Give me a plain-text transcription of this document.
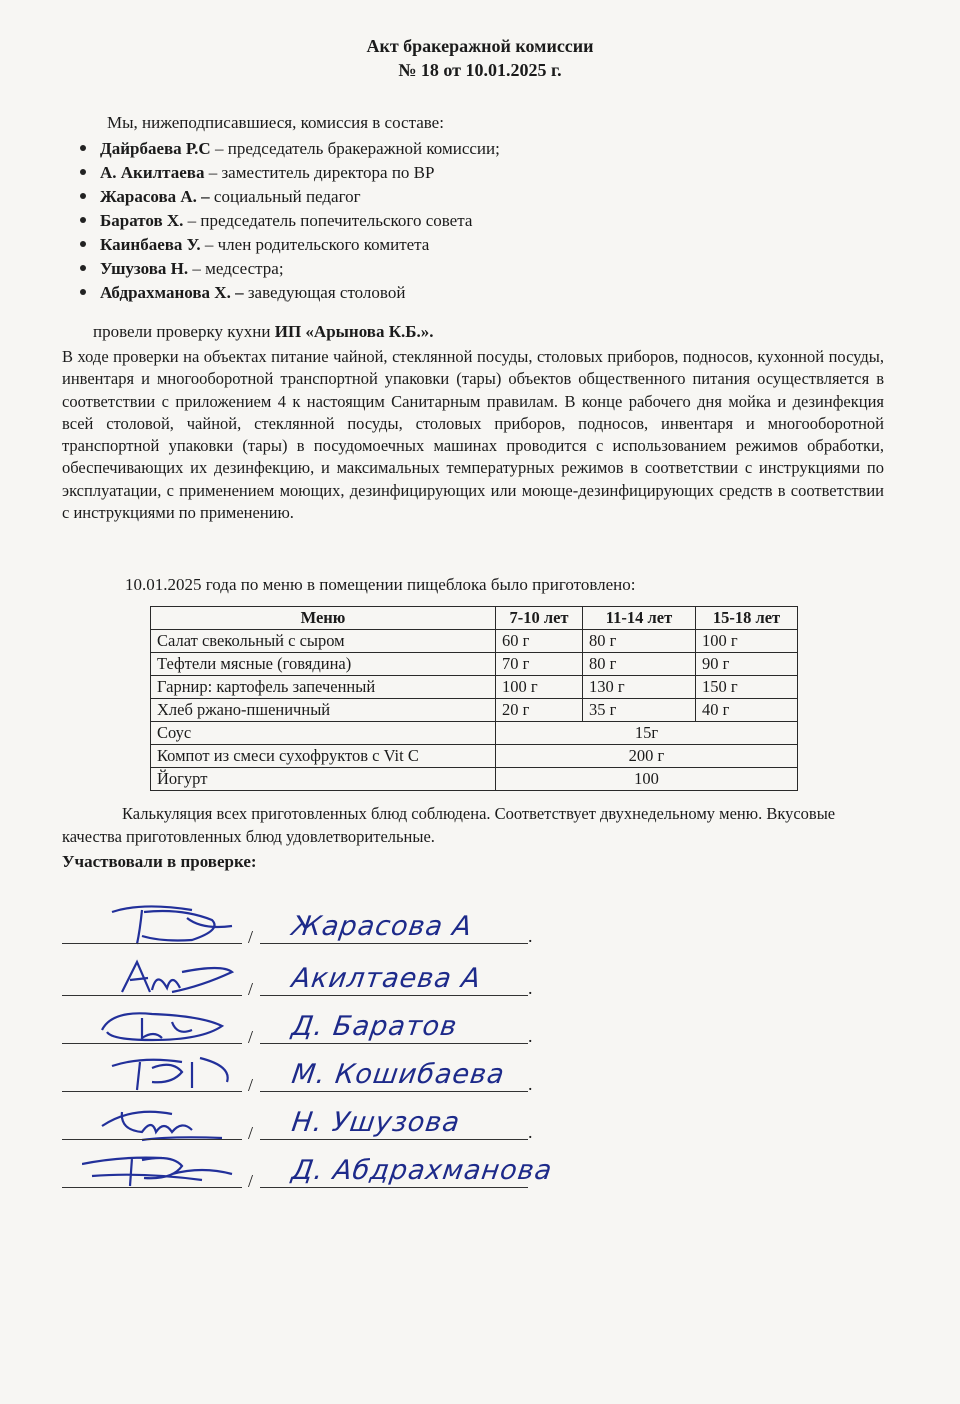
Акт бракеражной комиссии
№ 18 от 10.01.2025 г.
Мы, нижеподписавшиеся, комиссия в составе:
Дайрбаева Р.С – председатель бракеражной комиссии;
А. Акилтаева – заместитель директора по ВР
Жарасова А. – социальный педагог
Баратов Х. – председатель попечительского совета
Каинбаева У. – член родительского комитета
Ушузова Н. – медсестра;
Абдрахманова Х. – заведующая столовой
провели проверку кухни ИП «Арынова К.Б.».
В ходе проверки на объектах питание чайной, стеклянной посуды, столовых приборов, подносов, кухонной посуды, инвентаря и многооборотной транспортной упаковки (тары) объектов общественного питания осуществляется в соответствии с приложением 4 к настоящим Санитарным правилам. В конце рабочего дня мойка и дезинфекция всей столовой, чайной, стеклянной посуды, столовых приборов, подносов, инвентаря и многооборотной транспортной упаковки (тары) в посудомоечных машинах проводится с использованием режимов обработки, обеспечивающих их дезинфекцию, и максимальных температурных режимов в соответствии с инструкциями по эксплуатации, с применением моющих, дезинфицирующих или моюще-дезинфицирующих средств в соответствии с инструкциями по применению.
10.01.2025 года по меню в помещении пищеблока было приготовлено:
Меню	7-10 лет	11-14 лет	15-18 лет
Салат свекольный с сыром	60 г	80 г	100 г
Тефтели мясные (говядина)	70 г	80 г	90 г
Гарнир: картофель запеченный	100 г	130 г	150 г
Хлеб ржано-пшеничный	20 г	35 г	40 г
Соус	15г		
Компот из смеси сухофруктов с Vit C	200 г		
Йогурт	100		
Калькуляция всех приготовленных блюд соблюдена. Соответствует двухнедельному меню. Вкусовые качества приготовленных блюд удовлетворительные.
Участвовали в проверке:
/	.
Жарасова А
/	.
Акилтаева А
/	.
Д. Баратов
/	.
М. Кошибаева
/	.
Н. Ушузова
/ Д. Абдрахманова
